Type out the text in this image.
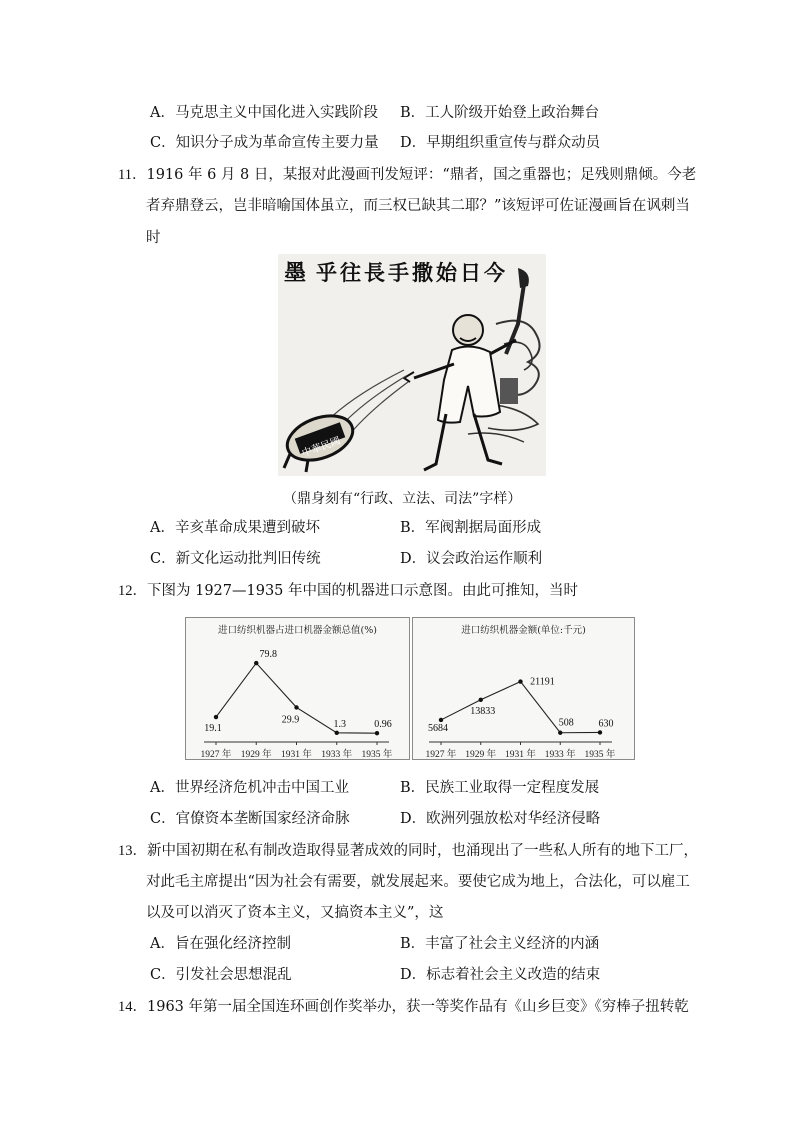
A．马克思主义中国化进入实践阶段 B．工人阶级开始登上政治舞台
C．知识分子成为革命宣传主要力量 D．早期组织重宣传与群众动员
11．1916 年 6 月 8 日，某报对此漫画刊发短评：“鼎者，国之重器也；足残则鼎倾。今老
者弃鼎登云，岂非暗喻国体虽立，而三权已缺其二耶？”该短评可佐证漫画旨在讽刺当
时
墨 乎往長手撒始日今
中華民國
（鼎身刻有“行政、立法、司法”字样）
A．辛亥革命成果遭到破坏	B．军阀割据局面形成
C．新文化运动批判旧传统	D．议会政治运作顺利
12．下图为 1927—1935 年中国的机器进口示意图。由此可推知，当时
进口纺织机器占进口机器金额总值(%)
1927 年 1929 年 1931 年 1933 年 1935 年
19.1
79.8
29.9	1.3	0.96
进口纺织机器金额(单位:千元)
1927 年 1929 年 1931 年 1933 年 1935 年
5684
13833
21191
508 630
A．世界经济危机冲击中国工业	B．民族工业取得一定程度发展
C．官僚资本垄断国家经济命脉	D．欧洲列强放松对华经济侵略
13．新中国初期在私有制改造取得显著成效的同时，也涌现出了一些私人所有的地下工厂，
对此毛主席提出“因为社会有需要，就发展起来。要使它成为地上，合法化，可以雇工
以及可以消灭了资本主义，又搞资本主义”，这
A．旨在强化经济控制	B．丰富了社会主义经济的内涵
C．引发社会思想混乱	D．标志着社会主义改造的结束
14．1963 年第一届全国连环画创作奖举办，获一等奖作品有《山乡巨变》《穷棒子扭转乾
